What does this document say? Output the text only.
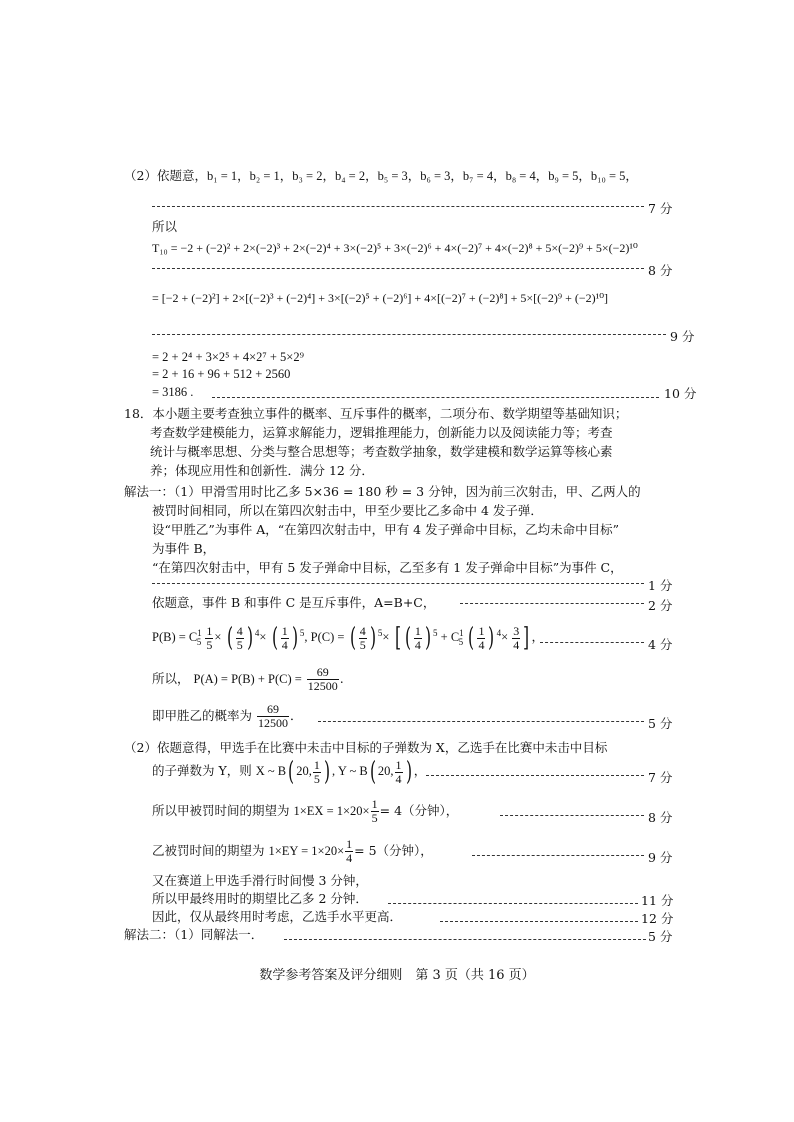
（2）依题意，b₁ = 1，b₂ = 1，b₃ = 2，b₄ = 2，b₅ = 3，b₆ = 3，b₇ = 4，b₈ = 4，b₉ = 5，b₁₀ = 5，
7 分
所以
T₁₀ = −2 + (−2)² + 2×(−2)³ + 2×(−2)⁴ + 3×(−2)⁵ + 3×(−2)⁶ + 4×(−2)⁷ + 4×(−2)⁸ + 5×(−2)⁹ + 5×(−2)¹⁰
8 分
= [−2 + (−2)²] + 2×[(−2)³ + (−2)⁴] + 3×[(−2)⁵ + (−2)⁶] + 4×[(−2)⁷ + (−2)⁸] + 5×[(−2)⁹ + (−2)¹⁰]
9 分
= 2 + 2⁴ + 3×2⁵ + 4×2⁷ + 5×2⁹
= 2 + 16 + 96 + 512 + 2560
= 3186 .	10 分
18．本小题主要考查独立事件的概率、互斥事件的概率，二项分布、数学期望等基础知识；
考查数学建模能力，运算求解能力，逻辑推理能力，创新能力以及阅读能力等；考查
统计与概率思想、分类与整合思想等；考查数学抽象，数学建模和数学运算等核心素
养；体现应用性和创新性．满分 12 分．
解法一：（1）甲滑雪用时比乙多 5×36 = 180 秒 = 3 分钟，因为前三次射击，甲、乙两人的
被罚时间相同，所以在第四次射击中，甲至少要比乙多命中 4 发子弹．
设“甲胜乙”为事件 A，“在第四次射击中，甲有 4 发子弹命中目标，乙均未命中目标”
为事件 B，
“在第四次射击中，甲有 5 发子弹命中目标，乙至多有 1 发子弹命中目标”为事件 C，
1 分
依题意，事件 B 和事件 C 是互斥事件，A=B+C，	2 分
$P(B) = C^1_5 \frac{1}{5}$ × ( $\frac{4}{5}$ ) $^4$× ( $\frac{1}{4}$ ) $^5$, P(C) = ( $\frac{4}{5}$ ) $^5$× [ ( $\frac{1}{4}$ ) $^5 + C^1_5$ ( $\frac{1}{4}$ ) $^4\times \frac{3}{4}$ ] ，	4 分
所以， $P(A) = P(B) + P(C) = \frac{69}{12500}$ .
即甲胜乙的概率为 $\frac{69}{12500}$ ．
5 分
（2）依题意得，甲选手在比赛中未击中目标的子弹数为 X，乙选手在比赛中未击中目标
的子弹数为 Y，则 X ~ B( 20, $\frac{1}{5}$ ) , Y ~ B( 20, $\frac{1}{4}$ ) ，	7 分
所以甲被罚时间的期望为 $1\times EX = 1\times 20\times \frac{1}{5} = 4$（分钟），	8 分
乙被罚时间的期望为 $1\times EY = 1\times 20\times \frac{1}{4} = 5$（分钟），	9 分
又在赛道上甲选手滑行时间慢 3 分钟，
所以甲最终用时的期望比乙多 2 分钟．	11 分
因此，仅从最终用时考虑，乙选手水平更高．	12 分
解法二：（1）同解法一．	5 分
数学参考答案及评分细则　第 3 页（共 16 页）
